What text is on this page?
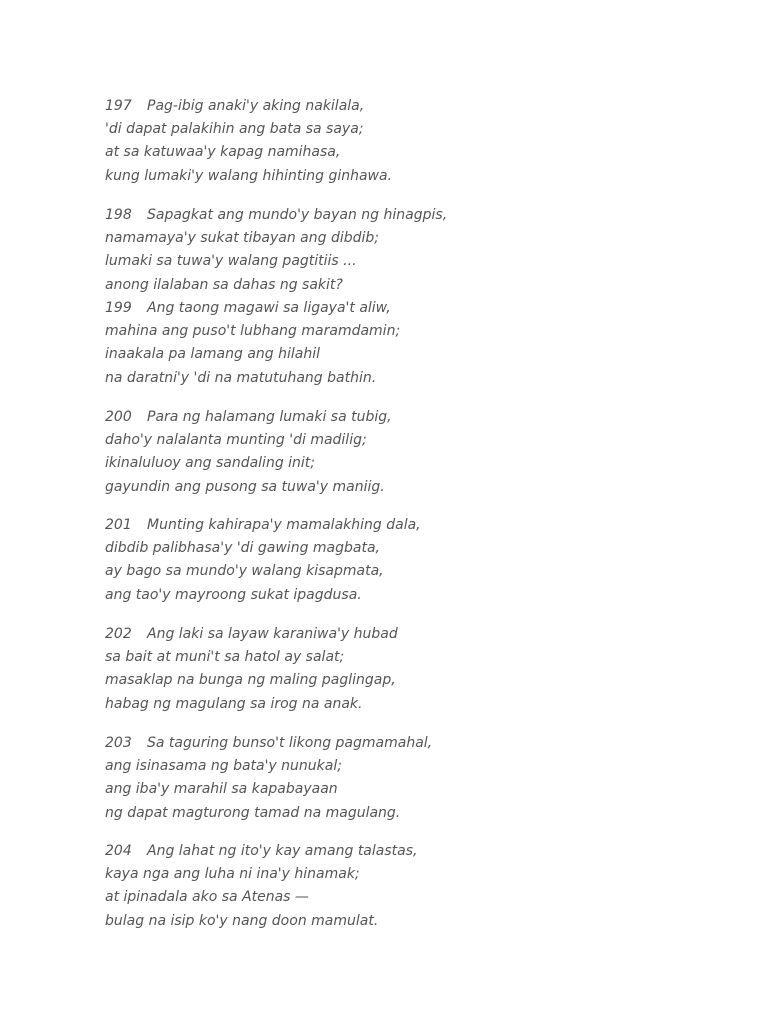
197 Pag-ibig anaki'y aking nakilala,
'di dapat palakihin ang bata sa saya;
at sa katuwaa'y kapag namihasa,
kung lumaki'y walang hihinting ginhawa.
198 Sapagkat ang mundo'y bayan ng hinagpis,
namamaya'y sukat tibayan ang dibdib;
lumaki sa tuwa'y walang pagtitiis ...
anong ilalaban sa dahas ng sakit?
199 Ang taong magawi sa ligaya't aliw,
mahina ang puso't lubhang maramdamin;
inaakala pa lamang ang hilahil
na daratni'y 'di na matutuhang bathin.
200 Para ng halamang lumaki sa tubig,
daho'y nalalanta munting 'di madilig;
ikinaluluoy ang sandaling init;
gayundin ang pusong sa tuwa'y maniig.
201 Munting kahirapa'y mamalakhing dala,
dibdib palibhasa'y 'di gawing magbata,
ay bago sa mundo'y walang kisapmata,
ang tao'y mayroong sukat ipagdusa.
202 Ang laki sa layaw karaniwa'y hubad
sa bait at muni't sa hatol ay salat;
masaklap na bunga ng maling paglingap,
habag ng magulang sa irog na anak.
203 Sa taguring bunso't likong pagmamahal,
ang isinasama ng bata'y nunukal;
ang iba'y marahil sa kapabayaan
ng dapat magturong tamad na magulang.
204 Ang lahat ng ito'y kay amang talastas,
kaya nga ang luha ni ina'y hinamak;
at ipinadala ako sa Atenas —
bulag na isip ko'y nang doon mamulat.
